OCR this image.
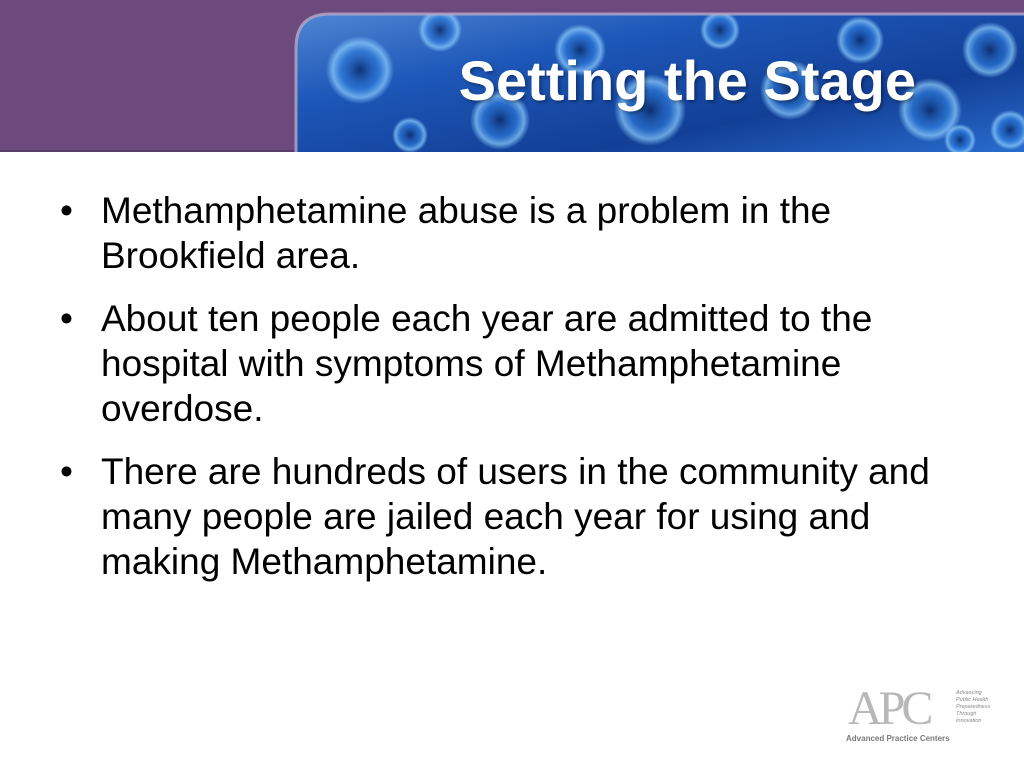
Setting the Stage
• Methamphetamine abuse is a problem in the Brookfield area.
• About ten people each year are admitted to the hospital with symptoms of Methamphetamine overdose.
• There are hundreds of users in the community and many people are jailed each year for using and making Methamphetamine.
APC	Advancing
Public Health
Preparedness
Through
Innovation
Advanced Practice Centers
